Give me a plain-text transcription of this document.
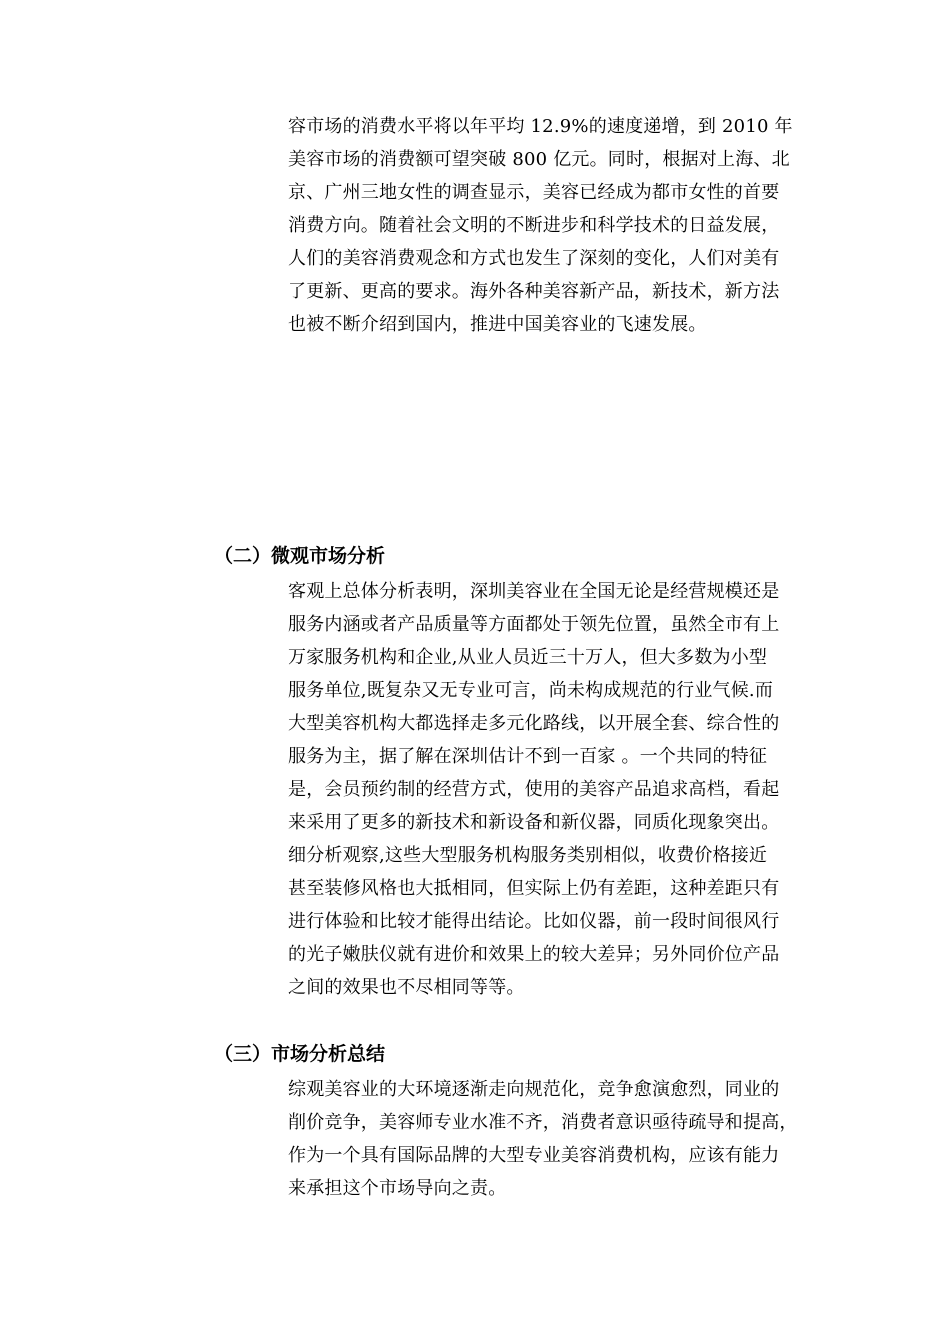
容市场的消费水平将以年平均 12.9%的速度递增，到 2010 年
美容市场的消费额可望突破 800 亿元。同时，根据对上海、北
京、广州三地女性的调查显示，美容已经成为都市女性的首要
消费方向。随着社会文明的不断进步和科学技术的日益发展，
人们的美容消费观念和方式也发生了深刻的变化，人们对美有
了更新、更高的要求。海外各种美容新产品，新技术，新方法
也被不断介绍到国内，推进中国美容业的飞速发展。

（二）微观市场分析

客观上总体分析表明，深圳美容业在全国无论是经营规模还是
服务内涵或者产品质量等方面都处于领先位置，虽然全市有上
万家服务机构和企业,从业人员近三十万人，但大多数为小型
服务单位,既复杂又无专业可言，尚未构成规范的行业气候.而
大型美容机构大都选择走多元化路线，以开展全套、综合性的
服务为主，据了解在深圳估计不到一百家 。一个共同的特征
是，会员预约制的经营方式，使用的美容产品追求高档，看起
来采用了更多的新技术和新设备和新仪器，同质化现象突出。
细分析观察,这些大型服务机构服务类别相似，收费价格接近
甚至装修风格也大抵相同，但实际上仍有差距，这种差距只有
进行体验和比较才能得出结论。比如仪器，前一段时间很风行
的光子嫩肤仪就有进价和效果上的较大差异；另外同价位产品
之间的效果也不尽相同等等。

（三）市场分析总结

综观美容业的大环境逐渐走向规范化，竞争愈演愈烈，同业的
削价竞争，美容师专业水准不齐，消费者意识亟待疏导和提高，
作为一个具有国际品牌的大型专业美容消费机构，应该有能力
来承担这个市场导向之责。
